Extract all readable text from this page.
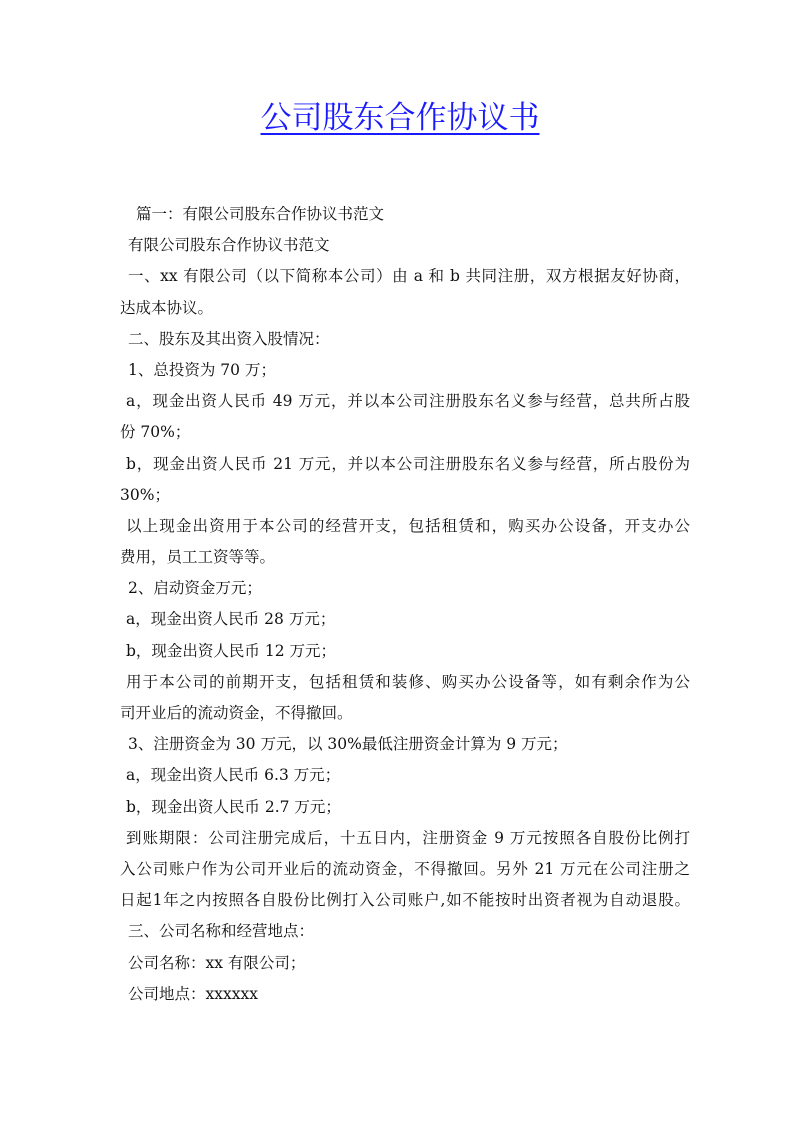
公司股东合作协议书

篇一：有限公司股东合作协议书范文

有限公司股东合作协议书范文

一、xx 有限公司（以下简称本公司）由 a 和 b 共同注册，双方根据友好协商，

达成本协议。

二、股东及其出资入股情况：

1、总投资为 70 万；

a，现金出资人民币 49 万元，并以本公司注册股东名义参与经营，总共所占股

份 70%；

b，现金出资人民币 21 万元，并以本公司注册股东名义参与经营，所占股份为

30%；

以上现金出资用于本公司的经营开支，包括租赁和，购买办公设备，开支办公

费用，员工工资等等。

2、启动资金万元；

a，现金出资人民币 28 万元；

b，现金出资人民币 12 万元；

用于本公司的前期开支，包括租赁和装修、购买办公设备等，如有剩余作为公

司开业后的流动资金，不得撤回。

3、注册资金为 30 万元，以 30%最低注册资金计算为 9 万元；

a，现金出资人民币 6.3 万元；

b，现金出资人民币 2.7 万元；

到账期限：公司注册完成后，十五日内，注册资金 9 万元按照各自股份比例打

入公司账户作为公司开业后的流动资金，不得撤回。另外 21 万元在公司注册之

日起1年之内按照各自股份比例打入公司账户,如不能按时出资者视为自动退股。

三、公司名称和经营地点：

公司名称：xx 有限公司；

公司地点：xxxxxx
